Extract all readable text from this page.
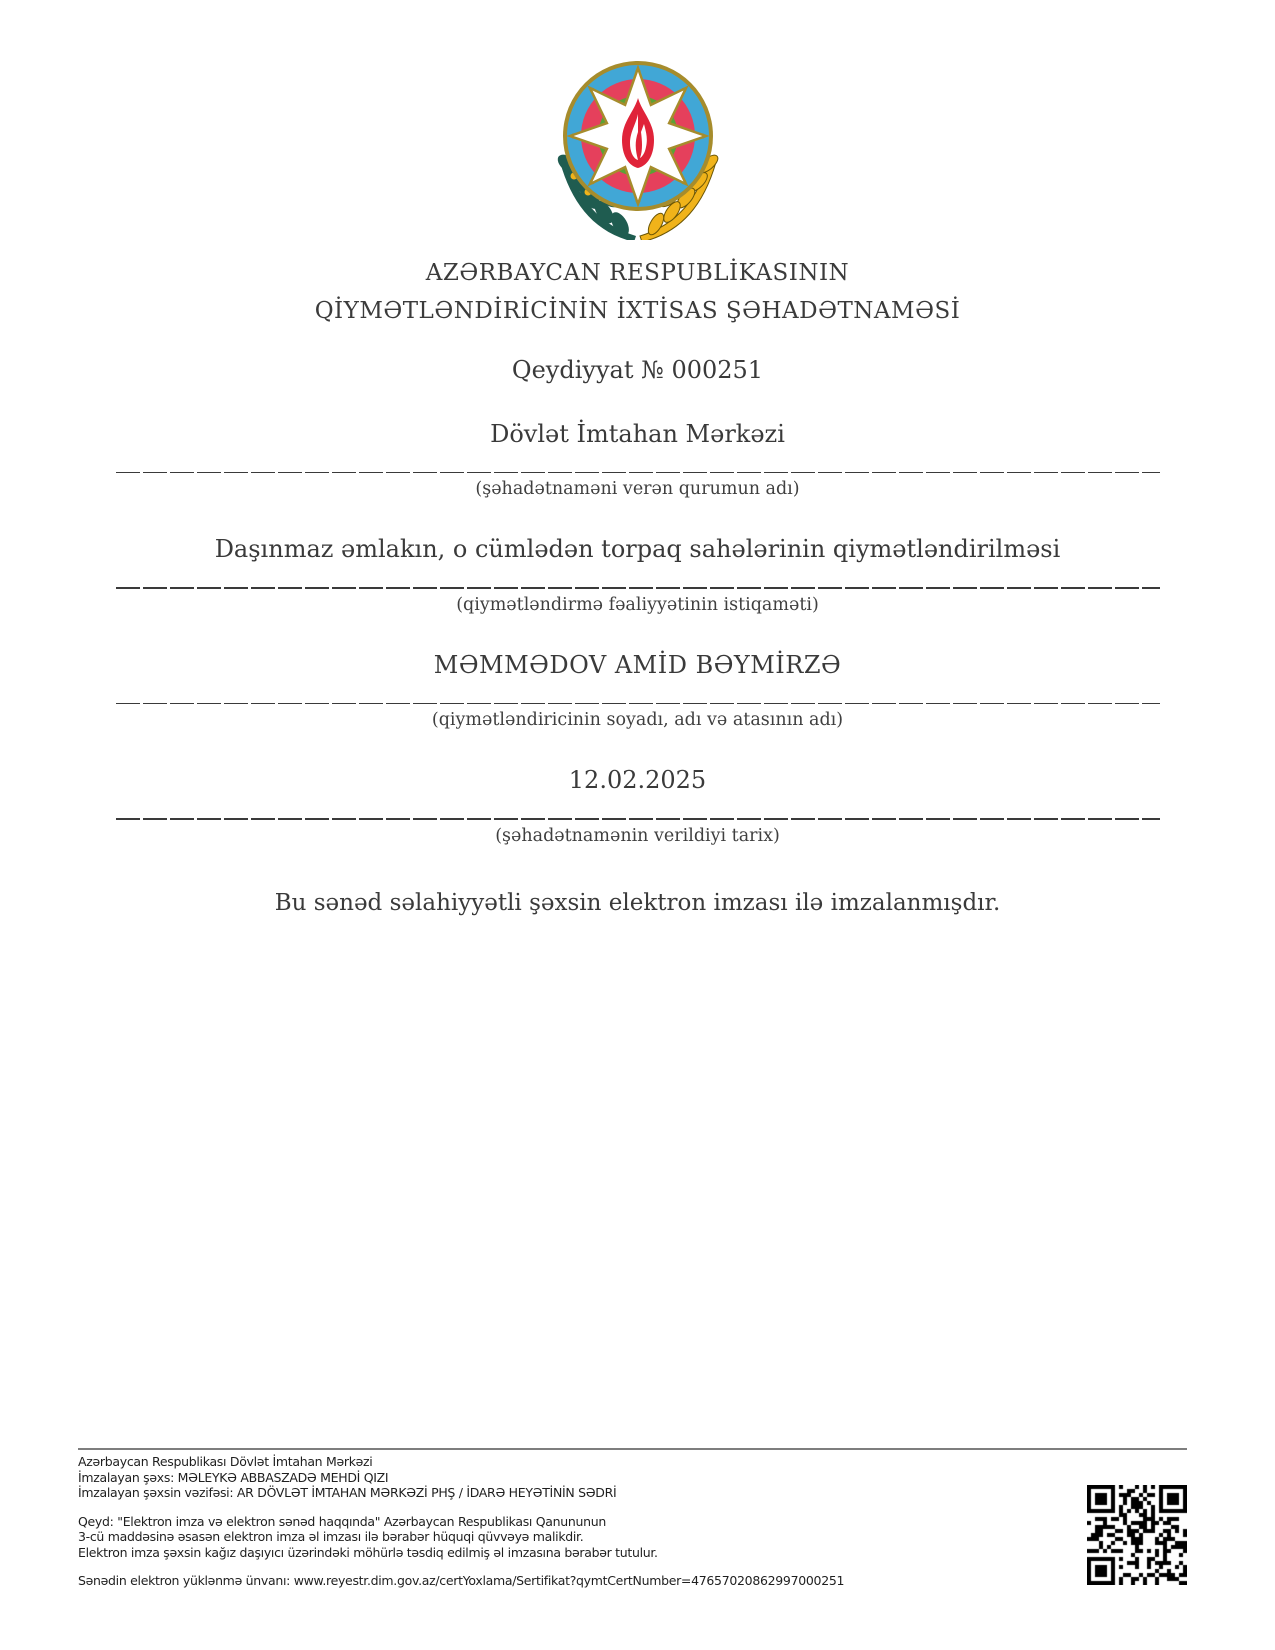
AZƏRBAYCAN RESPUBLİKASININ
QİYMƏTLƏNDİRİCİNİN İXTİSAS ŞƏHADƏTNAMƏSİ
Qeydiyyat № 000251
Dövlət İmtahan Mərkəzi
(şəhadətnaməni verən qurumun adı)
Daşınmaz əmlakın, o cümlədən torpaq sahələrinin qiymətləndirilməsi
(qiymətləndirmə fəaliyyətinin istiqaməti)
MƏMMƏDOV AMİD BƏYMİRZƏ
(qiymətləndiricinin soyadı, adı və atasının adı)
12.02.2025
(şəhadətnamənin verildiyi tarix)
Bu sənəd səlahiyyətli şəxsin elektron imzası ilə imzalanmışdır.
Azərbaycan Respublikası Dövlət İmtahan Mərkəzi
İmzalayan şəxs: MƏLEYKƏ ABBASZADƏ MEHDİ QIZI
İmzalayan şəxsin vəzifəsi: AR DÖVLƏT İMTAHAN MƏRKƏZİ PHŞ / İDARƏ HEYƏTİNİN SƏDRİ
Qeyd: "Elektron imza və elektron sənəd haqqında" Azərbaycan Respublikası Qanununun
3-cü maddəsinə əsasən elektron imza əl imzası ilə bərabər hüquqi qüvvəyə malikdir.
Elektron imza şəxsin kağız daşıyıcı üzərindəki möhürlə təsdiq edilmiş əl imzasına bərabər tutulur.
Sənədin elektron yüklənmə ünvanı: www.reyestr.dim.gov.az/certYoxlama/Sertifikat?qymtCertNumber=47657020862997000251
